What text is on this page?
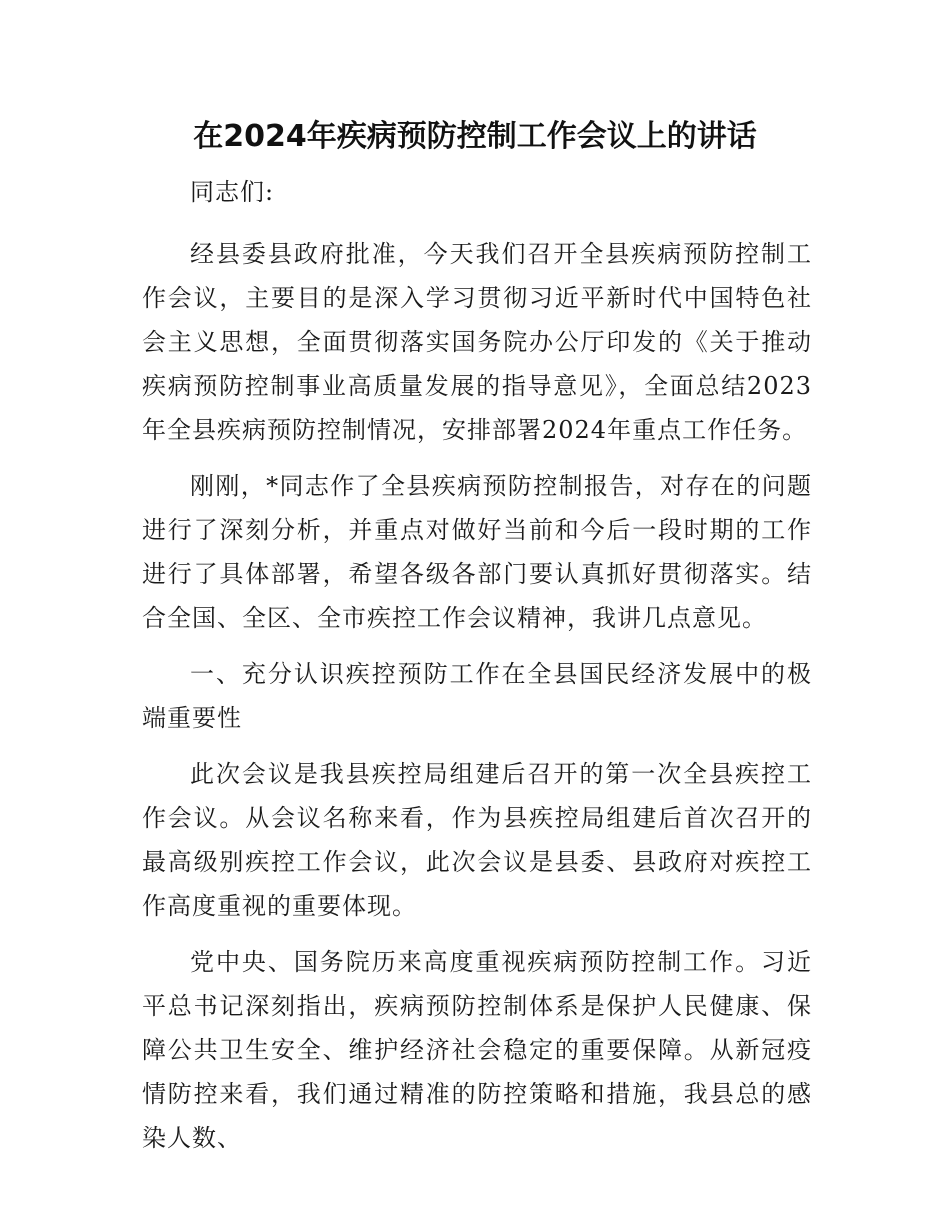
在2024年疾病预防控制工作会议上的讲话

同志们:

经县委县政府批准，今天我们召开全县疾病预防控制工作会议，主要目的是深入学习贯彻习近平新时代中国特色社会主义思想，全面贯彻落实国务院办公厅印发的《关于推动疾病预防控制事业高质量发展的指导意见》，全面总结2023年全县疾病预防控制情况，安排部署2024年重点工作任务。

刚刚，*同志作了全县疾病预防控制报告，对存在的问题进行了深刻分析，并重点对做好当前和今后一段时期的工作进行了具体部署，希望各级各部门要认真抓好贯彻落实。结合全国、全区、全市疾控工作会议精神，我讲几点意见。

一、充分认识疾控预防工作在全县国民经济发展中的极端重要性

此次会议是我县疾控局组建后召开的第一次全县疾控工作会议。从会议名称来看，作为县疾控局组建后首次召开的最高级别疾控工作会议，此次会议是县委、县政府对疾控工作高度重视的重要体现。

党中央、国务院历来高度重视疾病预防控制工作。习近平总书记深刻指出，疾病预防控制体系是保护人民健康、保障公共卫生安全、维护经济社会稳定的重要保障。从新冠疫情防控来看，我们通过精准的防控策略和措施，我县总的感染人数、
